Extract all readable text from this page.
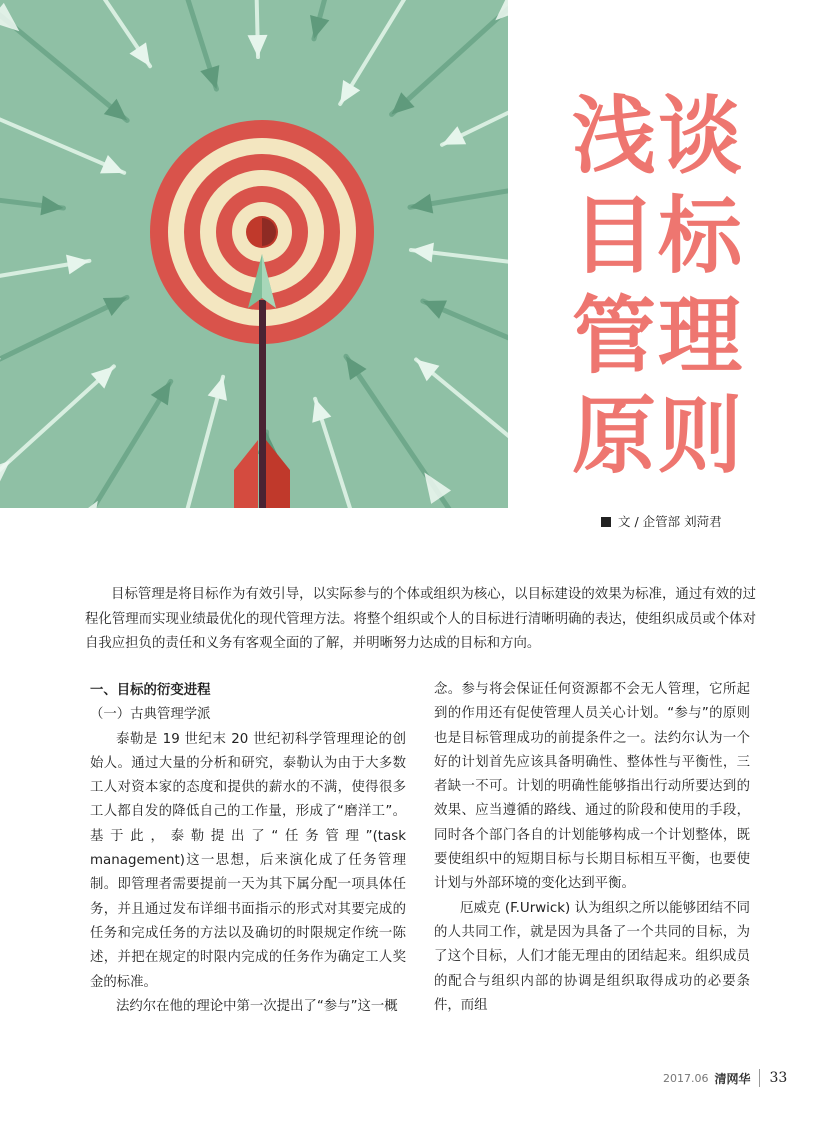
浅谈
目标
管理
原则
文 / 企管部 刘菏君

目标管理是将目标作为有效引导，以实际参与的个体或组织为核心，以目标建设的效果为标准，通过有效的过程化管理而实现业绩最优化的现代管理方法。将整个组织或个人的目标进行清晰明确的表达，使组织成员或个体对自我应担负的责任和义务有客观全面的了解，并明晰努力达成的目标和方向。

一、目标的衍变进程

（一）古典管理学派

泰勒是 19 世纪末 20 世纪初科学管理理论的创始人。通过大量的分析和研究，泰勒认为由于大多数工人对资本家的态度和提供的薪水的不满，使得很多工人都自发的降低自己的工作量，形成了“磨洋工”。基于此，泰勒提出了“任务管理”(task management)这一思想，后来演化成了任务管理制。即管理者需要提前一天为其下属分配一项具体任务，并且通过发布详细书面指示的形式对其要完成的任务和完成任务的方法以及确切的时限规定作统一陈述，并把在规定的时限内完成的任务作为确定工人奖金的标准。

法约尔在他的理论中第一次提出了“参与”这一概

念。参与将会保证任何资源都不会无人管理，它所起到的作用还有促使管理人员关心计划。“参与”的原则也是目标管理成功的前提条件之一。法约尔认为一个好的计划首先应该具备明确性、整体性与平衡性，三者缺一不可。计划的明确性能够指出行动所要达到的效果、应当遵循的路线、通过的阶段和使用的手段，同时各个部门各自的计划能够构成一个计划整体，既要使组织中的短期目标与长期目标相互平衡，也要使计划与外部环境的变化达到平衡。

厄威克 (F.Urwick) 认为组织之所以能够团结不同的人共同工作，就是因为具备了一个共同的目标，为了这个目标，人们才能无理由的团结起来。组织成员的配合与组织内部的协调是组织取得成功的必要条件，而组

2017.06 清网华 33
